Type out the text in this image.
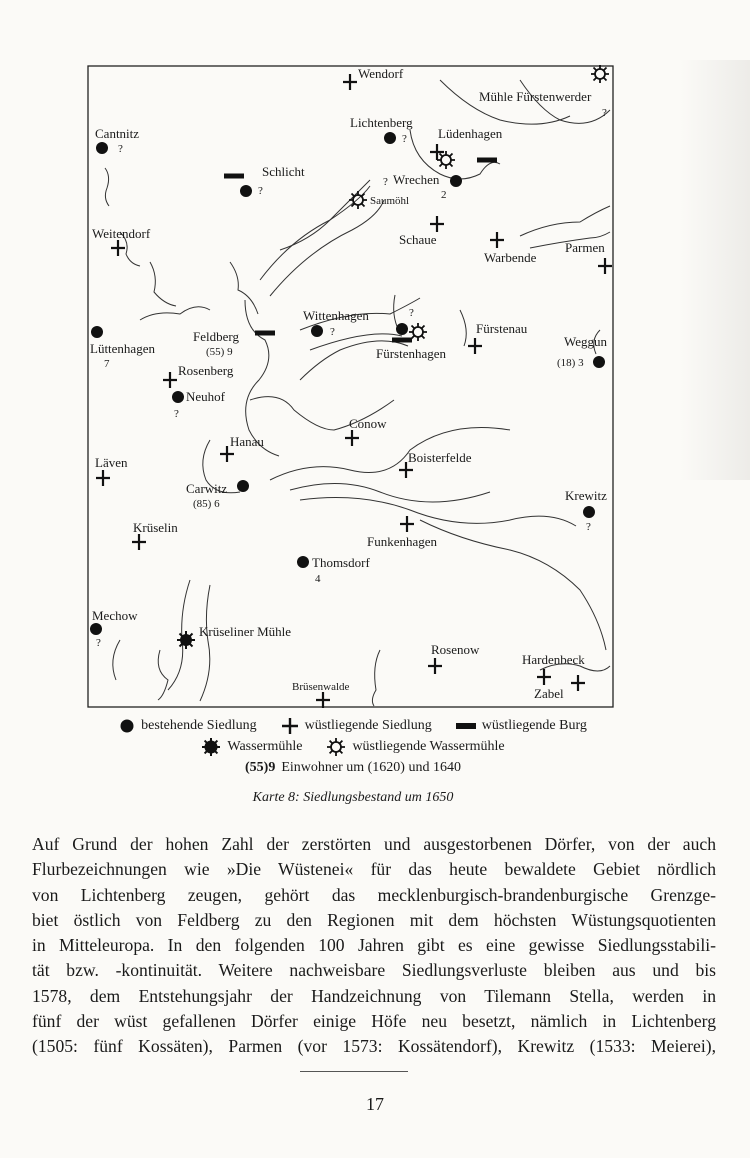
Wendorf
Mühle Fürstenwerder
?
Cantnitz
?
Lichtenberg
? Lüdenhagen
Schlicht
?
? Wrechen
2
Saumöhl
Weitendorf	Schaue
Warbende
Parmen
Wittenhagen
?
?
Fürstenau
Feldberg
(55) 9
Lüttenhagen
7
Fürstenhagen
Weggun
(18) 3
Rosenberg
Neuhof
?
Conow
Hanau
Boisterfelde
Läven
Carwitz
(85) 6
Krewitz
?
Krüselin
Funkenhagen
Thomsdorf
4
Mechow
?
Krüseliner Mühle
Rosenow
Hardenbeck
Brüsenwalde	Zabel
bestehende Siedlung	wüstliegende Siedlung	wüstliegende Burg
Wassermühle	wüstliegende Wassermühle
(55)9 Einwohner um (1620) und 1640
Karte 8: Siedlungsbestand um 1650
Auf Grund der hohen Zahl der zerstörten und ausgestorbenen Dörfer, von der auch
Flurbezeichnungen wie »Die Wüstenei« für das heute bewaldete Gebiet nördlich
von Lichtenberg zeugen, gehört das mecklenburgisch-brandenburgische Grenzge-
biet östlich von Feldberg zu den Regionen mit dem höchsten Wüstungsquotienten
in Mitteleuropa. In den folgenden 100 Jahren gibt es eine gewisse Siedlungsstabili-
tät bzw. -kontinuität. Weitere nachweisbare Siedlungsverluste bleiben aus und bis
1578, dem Entstehungsjahr der Handzeichnung von Tilemann Stella, werden in
fünf der wüst gefallenen Dörfer einige Höfe neu besetzt, nämlich in Lichtenberg
(1505: fünf Kossäten), Parmen (vor 1573: Kossätendorf), Krewitz (1533: Meierei),
17
